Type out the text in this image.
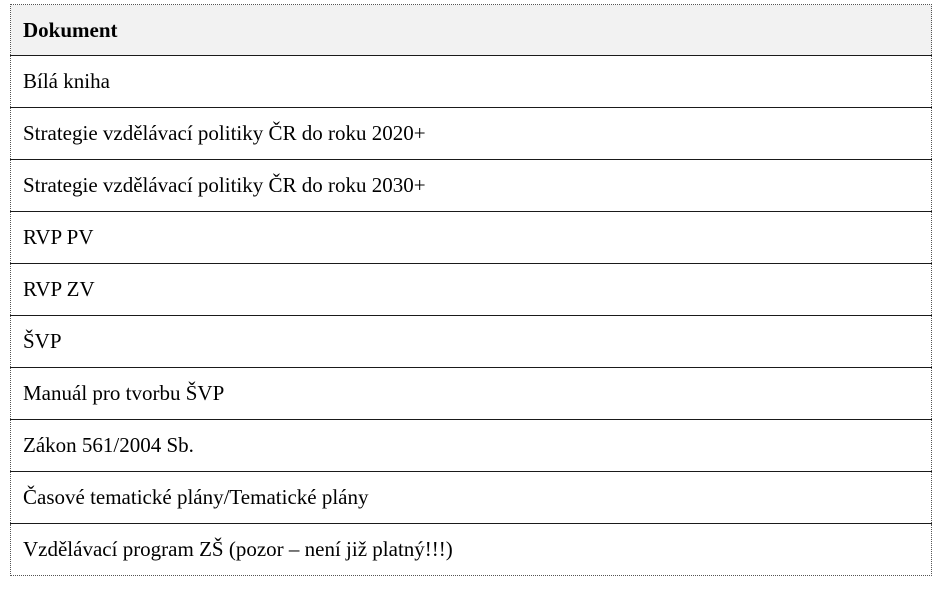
Dokument
Bílá kniha
Strategie vzdělávací politiky ČR do roku 2020+
Strategie vzdělávací politiky ČR do roku 2030+
RVP PV
RVP ZV
ŠVP
Manuál pro tvorbu ŠVP
Zákon 561/2004 Sb.
Časové tematické plány/Tematické plány
Vzdělávací program ZŠ (pozor – není již platný!!!)
